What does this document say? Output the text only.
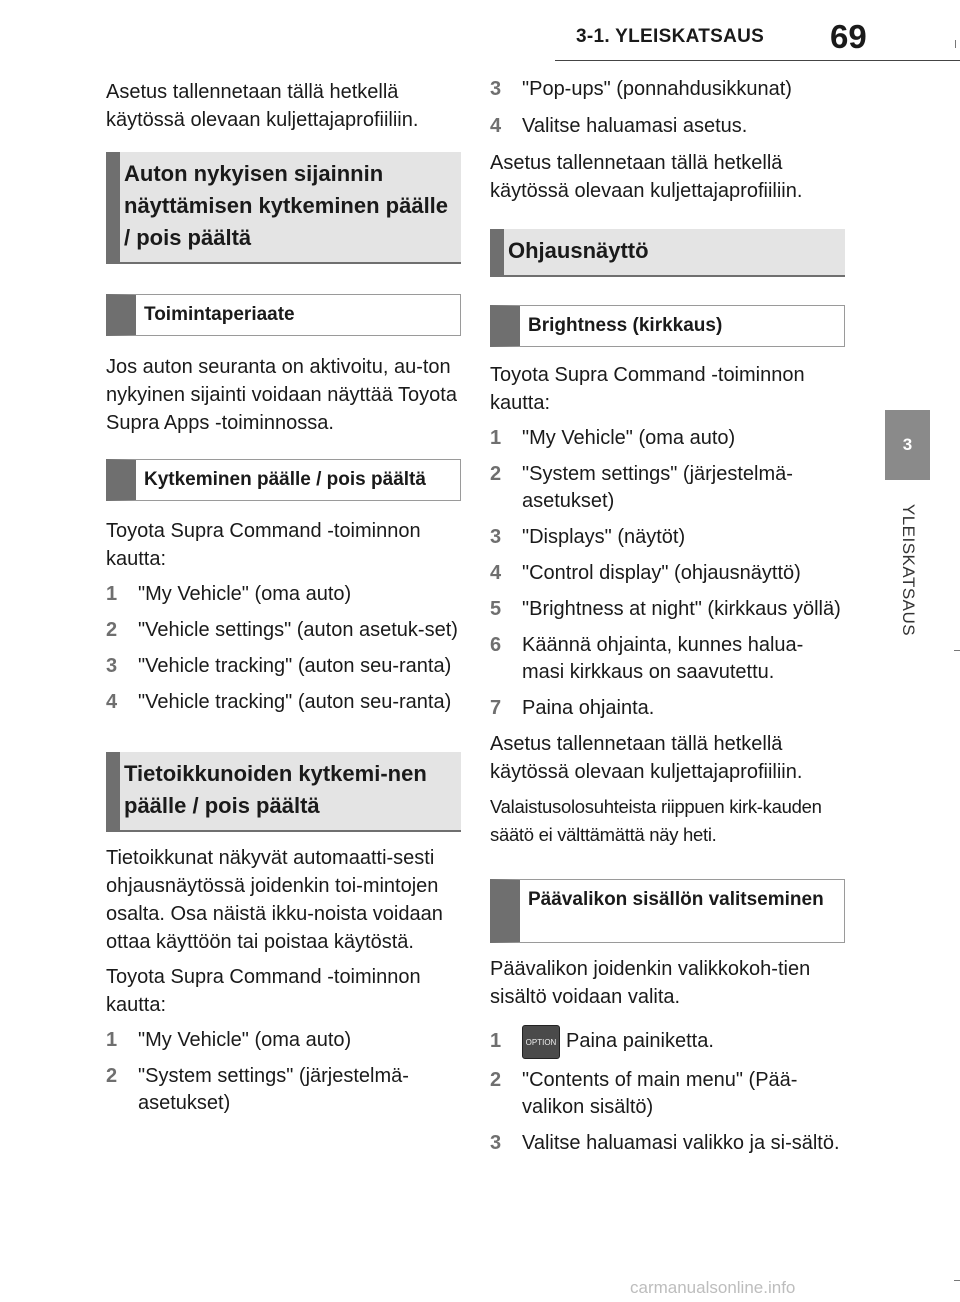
3-1. YLEISKATSAUS 69
3
YLEISKATSAUS

Asetus tallennetaan tällä hetkellä käytössä olevaan kuljettajaprofiiliin.

Auton nykyisen sijainnin näyttämisen kytkeminen päälle / pois päältä
Toimintaperiaate

Jos auton seuranta on aktivoitu, au-ton nykyinen sijainti voidaan näyttää Toyota Supra Apps -toiminnossa.

Kytkeminen päälle / pois päältä

Toyota Supra Command -toiminnon kautta:

1 "My Vehicle" (oma auto)
2 "Vehicle settings" (auton asetuk-set)
3 "Vehicle tracking" (auton seu-ranta)
4 "Vehicle tracking" (auton seu-ranta)
Tietoikkunoiden kytkemi-nen päälle / pois päältä

Tietoikkunat näkyvät automaatti-sesti ohjausnäytössä joidenkin toi-mintojen osalta. Osa näistä ikku-noista voidaan ottaa käyttöön tai poistaa käytöstä.

Toyota Supra Command -toiminnon kautta:

1 "My Vehicle" (oma auto)
2 "System settings" (järjestelmä-asetukset)
3 "Pop-ups" (ponnahdusikkunat)
4 Valitse haluamasi asetus.

Asetus tallennetaan tällä hetkellä käytössä olevaan kuljettajaprofiiliin.

Ohjausnäyttö
Brightness (kirkkaus)

Toyota Supra Command -toiminnon kautta:

1 "My Vehicle" (oma auto)
2 "System settings" (järjestelmä-asetukset)
3 "Displays" (näytöt)
4 "Control display" (ohjausnäyttö)
5 "Brightness at night" (kirkkaus yöllä)
6 Käännä ohjainta, kunnes halua-masi kirkkaus on saavutettu.
7 Paina ohjainta.

Asetus tallennetaan tällä hetkellä käytössä olevaan kuljettajaprofiiliin.

Valaistusolosuhteista riippuen kirk-kauden säätö ei välttämättä näy heti.

Päävalikon sisällön valitseminen

Päävalikon joidenkin valikkokoh-tien sisältö voidaan valita.

1	OPTION Paina painiketta.
2 "Contents of main menu" (Pää-valikon sisältö)
3 Valitse haluamasi valikko ja si-sältö.
carmanualsonline.info
